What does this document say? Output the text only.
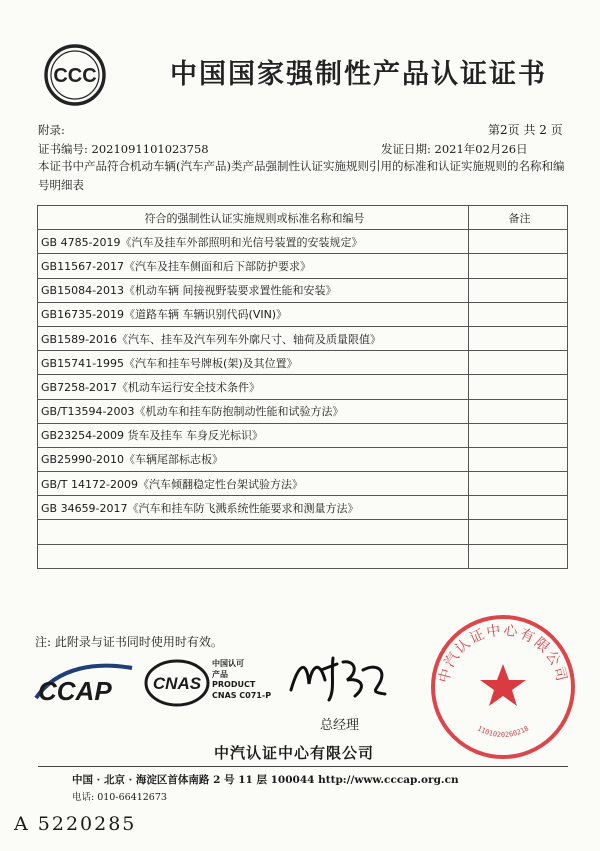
CCC	中国国家强制性产品认证证书
附录:	第2页 共 2 页
证书编号: 2021091101023758	发证日期: 2021年02月26日
本证书中产品符合机动车辆(汽车产品)类产品强制性认证实施规则引用的标准和认证实施规则的名称和编号明细表
符合的强制性认证实施规则或标准名称和编号	备注
GB 4785-2019《汽车及挂车外部照明和光信号装置的安装规定》	
GB11567-2017《汽车及挂车侧面和后下部防护要求》	
GB15084-2013《机动车辆 间接视野装要求置性能和安装》	
GB16735-2019《道路车辆 车辆识别代码(VIN)》	
GB1589-2016《汽车、挂车及汽车列车外廓尺寸、轴荷及质量限值》	
GB15741-1995《汽车和挂车号牌板(架)及其位置》	
GB7258-2017《机动车运行安全技术条件》	
GB/T13594-2003《机动车和挂车防抱制动性能和试验方法》	
GB23254-2009 货车及挂车 车身反光标识》	
GB25990-2010《车辆尾部标志板》	
GB/T 14172-2009《汽车倾翻稳定性台架试验方法》	
GB 34659-2017《汽车和挂车防飞溅系统性能要求和测量方法》	

注: 此附录与证书同时使用时有效。
CCAP CNAS
中国认可
产品
PRODUCT
CNAS C071-P
总经理
中汽认证中心有限公司
中汽认证中心有限公司
1101020260218
中国 · 北京 · 海淀区首体南路 2 号 11 层 100044 http://www.cccap.org.cn
电话: 010-66412673
A 5220285
